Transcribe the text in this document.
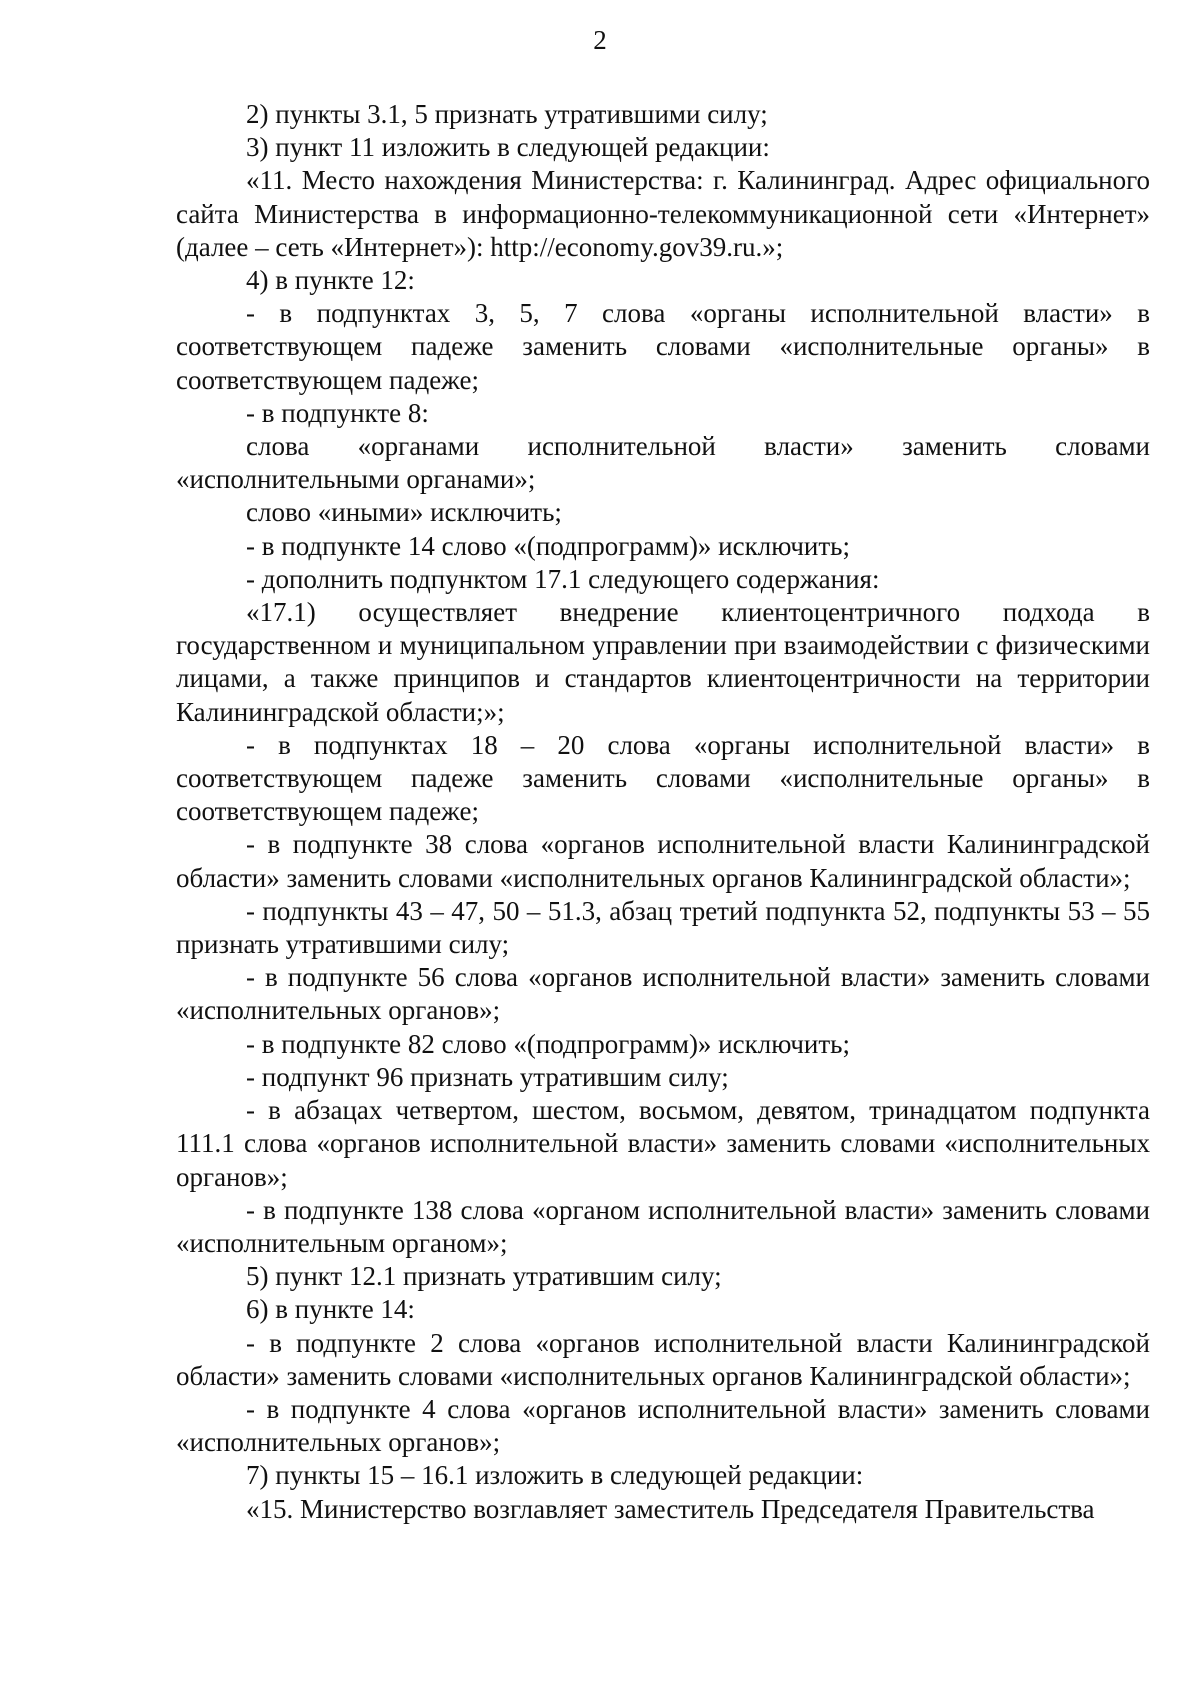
2

2) пункты 3.1, 5 признать утратившими силу;

3) пункт 11 изложить в следующей редакции:

«11. Место нахождения Министерства: г. Калининград. Адрес официального сайта Министерства в информационно-телекоммуникационной сети «Интернет» (далее – сеть «Интернет»): http://economy.gov39.ru.»;

4) в пункте 12:

- в подпунктах 3, 5, 7 слова «органы исполнительной власти» в соответствующем падеже заменить словами «исполнительные органы» в соответствующем падеже;

- в подпункте 8:

слова «органами исполнительной власти» заменить словами «исполнительными органами»;

слово «иными» исключить;

- в подпункте 14 слово «(подпрограмм)» исключить;

- дополнить подпунктом 17.1 следующего содержания:

«17.1) осуществляет внедрение клиентоцентричного подхода в государственном и муниципальном управлении при взаимодействии с физическими лицами, а также принципов и стандартов клиентоцентричности на территории Калининградской области;»;

- в подпунктах 18 – 20 слова «органы исполнительной власти» в соответствующем падеже заменить словами «исполнительные органы» в соответствующем падеже;

- в подпункте 38 слова «органов исполнительной власти Калининградской области» заменить словами «исполнительных органов Калининградской области»;

- подпункты 43 – 47, 50 – 51.3, абзац третий подпункта 52, подпункты 53 – 55 признать утратившими силу;

- в подпункте 56 слова «органов исполнительной власти» заменить словами «исполнительных органов»;

- в подпункте 82 слово «(подпрограмм)» исключить;

- подпункт 96 признать утратившим силу;

- в абзацах четвертом, шестом, восьмом, девятом, тринадцатом подпункта 111.1 слова «органов исполнительной власти» заменить словами «исполнительных органов»;

- в подпункте 138 слова «органом исполнительной власти» заменить словами «исполнительным органом»;

5) пункт 12.1 признать утратившим силу;

6) в пункте 14:

- в подпункте 2 слова «органов исполнительной власти Калининградской области» заменить словами «исполнительных органов Калининградской области»;

- в подпункте 4 слова «органов исполнительной власти» заменить словами «исполнительных органов»;

7) пункты 15 – 16.1 изложить в следующей редакции:

«15. Министерство возглавляет заместитель Председателя Правительства
